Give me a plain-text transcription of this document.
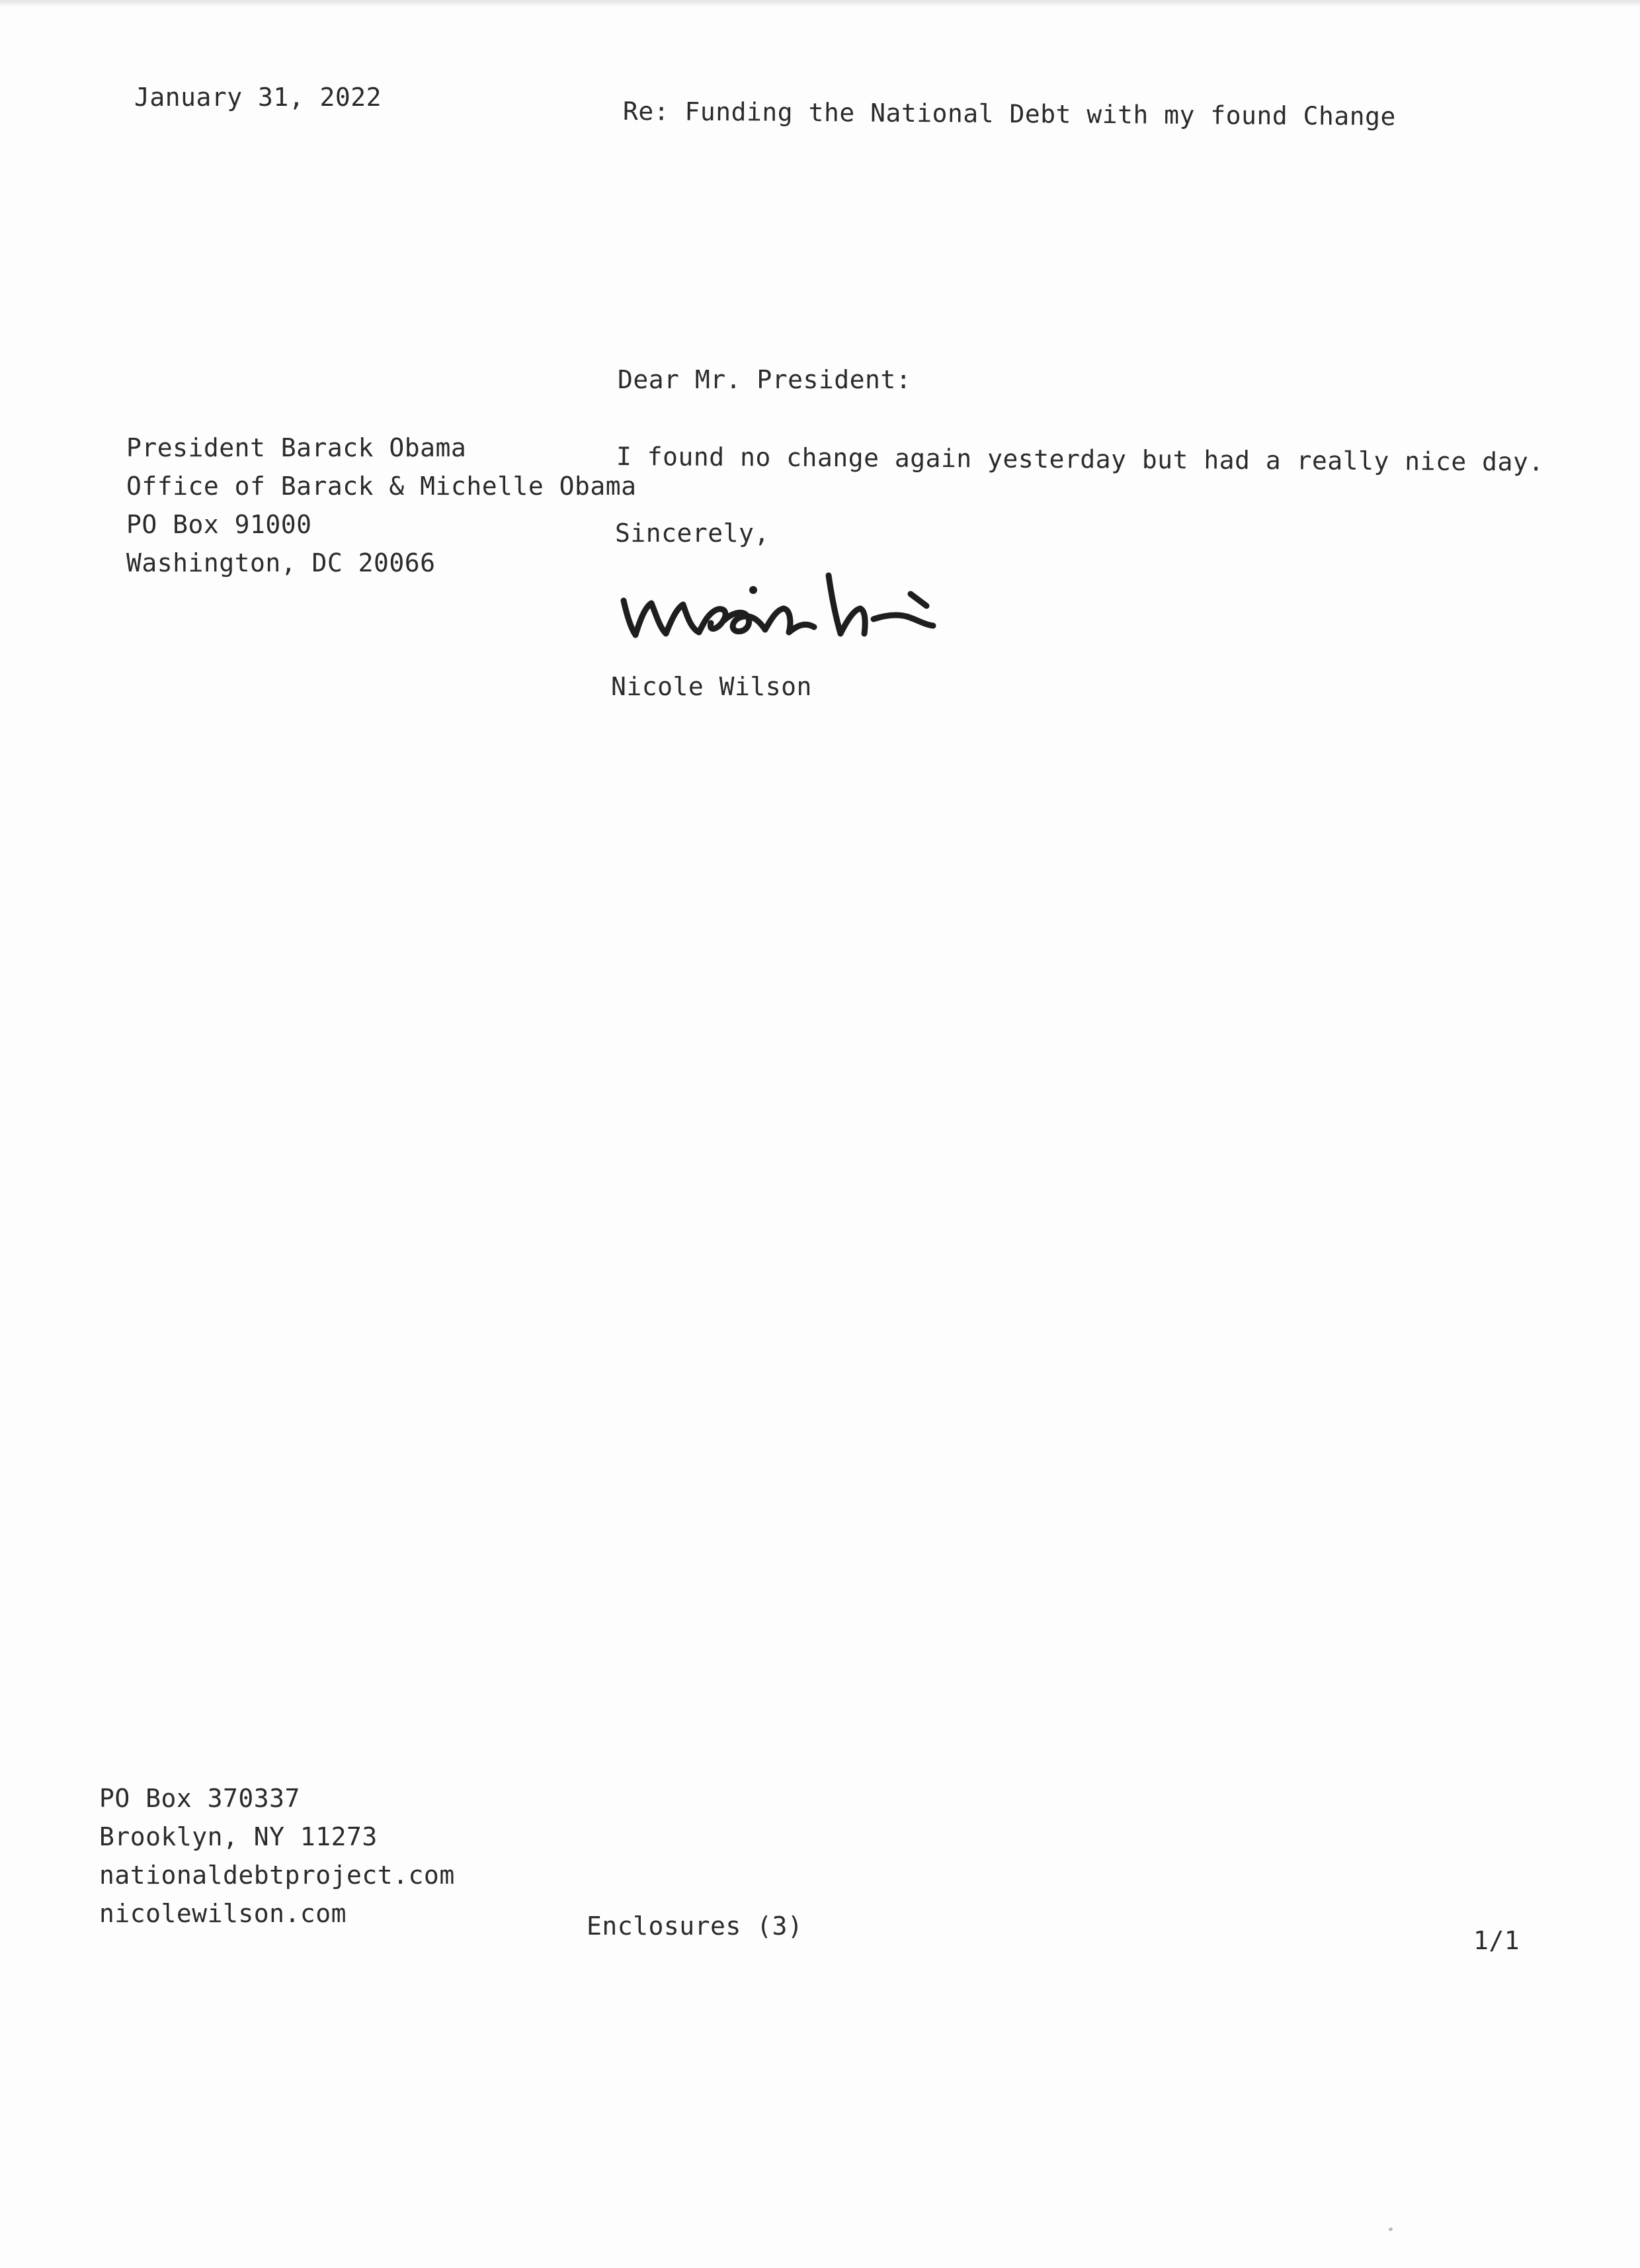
January 31, 2022	Re: Funding the National Debt with my found Change

Dear Mr. President:

President Barack Obama
Office of Barack & Michelle Obama
PO Box 91000
Washington, DC 20066

I found no change again yesterday but had a really nice day.

Sincerely,

Nicole Wilson

PO Box 370337
Brooklyn, NY 11273
nationaldebtproject.com
nicolewilson.com	Enclosures (3)	1/1
